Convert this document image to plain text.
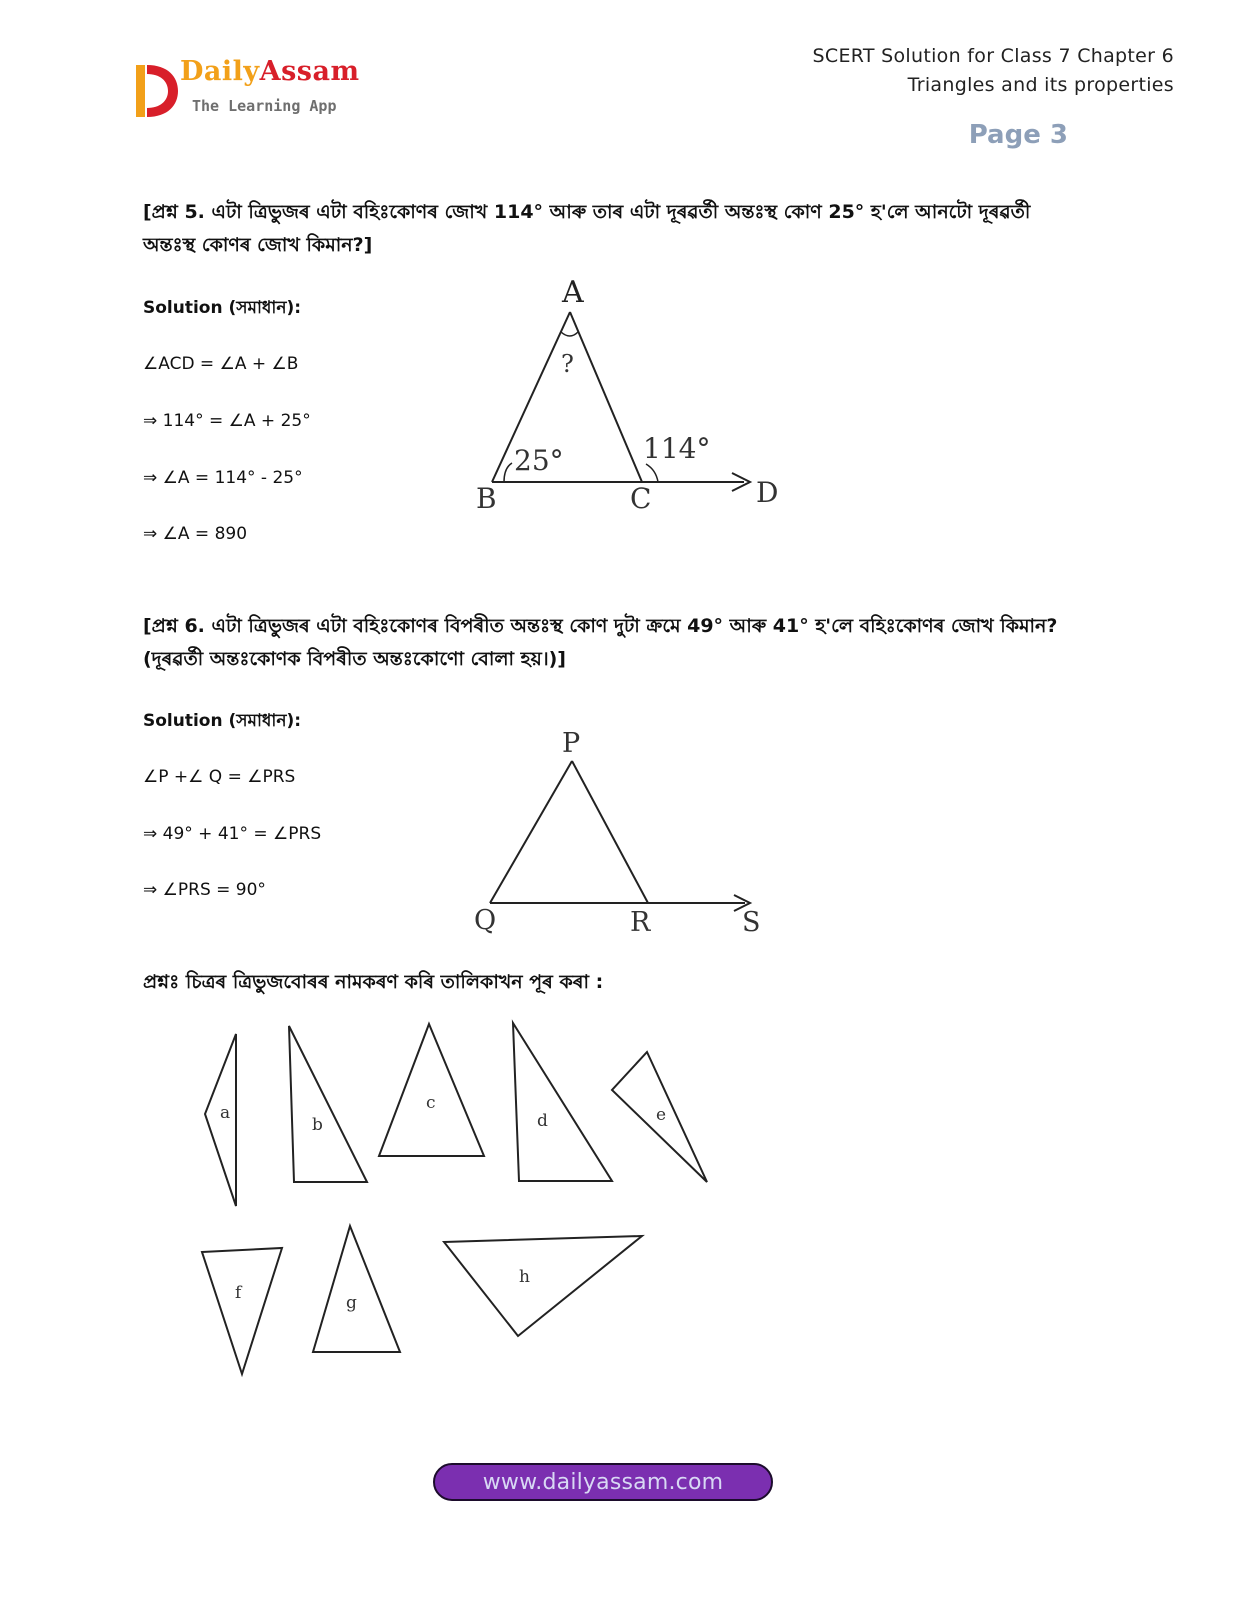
DailyAssam
The Learning App
SCERT Solution for Class 7 Chapter 6
Triangles and its properties
Page 3
[প্ৰশ্ন 5. এটা ত্ৰিভুজৰ এটা বহিঃকোণৰ জোখ 114° আৰু তাৰ এটা দূৰৱৰ্তী অন্তঃস্থ কোণ 25° হ'লে আনটো দূৰৱৰ্তী অন্তঃস্থ কোণৰ জোখ কিমান?]
Solution (সমাধান):
∠ACD = ∠A + ∠B
⇒ 114° = ∠A + 25°
⇒ ∠A = 114° - 25°
⇒ ∠A = 890
A
?
25°	114°
B	C	D
[প্ৰশ্ন 6. এটা ত্ৰিভুজৰ এটা বহিঃকোণৰ বিপৰীত অন্তঃস্থ কোণ দুটা ক্ৰমে 49° আৰু 41° হ'লে বহিঃকোণৰ জোখ কিমান? (দূৰৱৰ্তী অন্তঃকোণক বিপৰীত অন্তঃকোণো বোলা হয়।)]
Solution (সমাধান):
∠P +∠ Q = ∠PRS
⇒ 49° + 41° = ∠PRS
⇒ ∠PRS = 90°
P
Q	R	S
প্ৰশ্নঃ চিত্ৰৰ ত্ৰিভুজবোৰৰ নামকৰণ কৰি তালিকাখন পূৰ কৰা :
a
b
c
d	e
f	g
h
www.dailyassam.com
